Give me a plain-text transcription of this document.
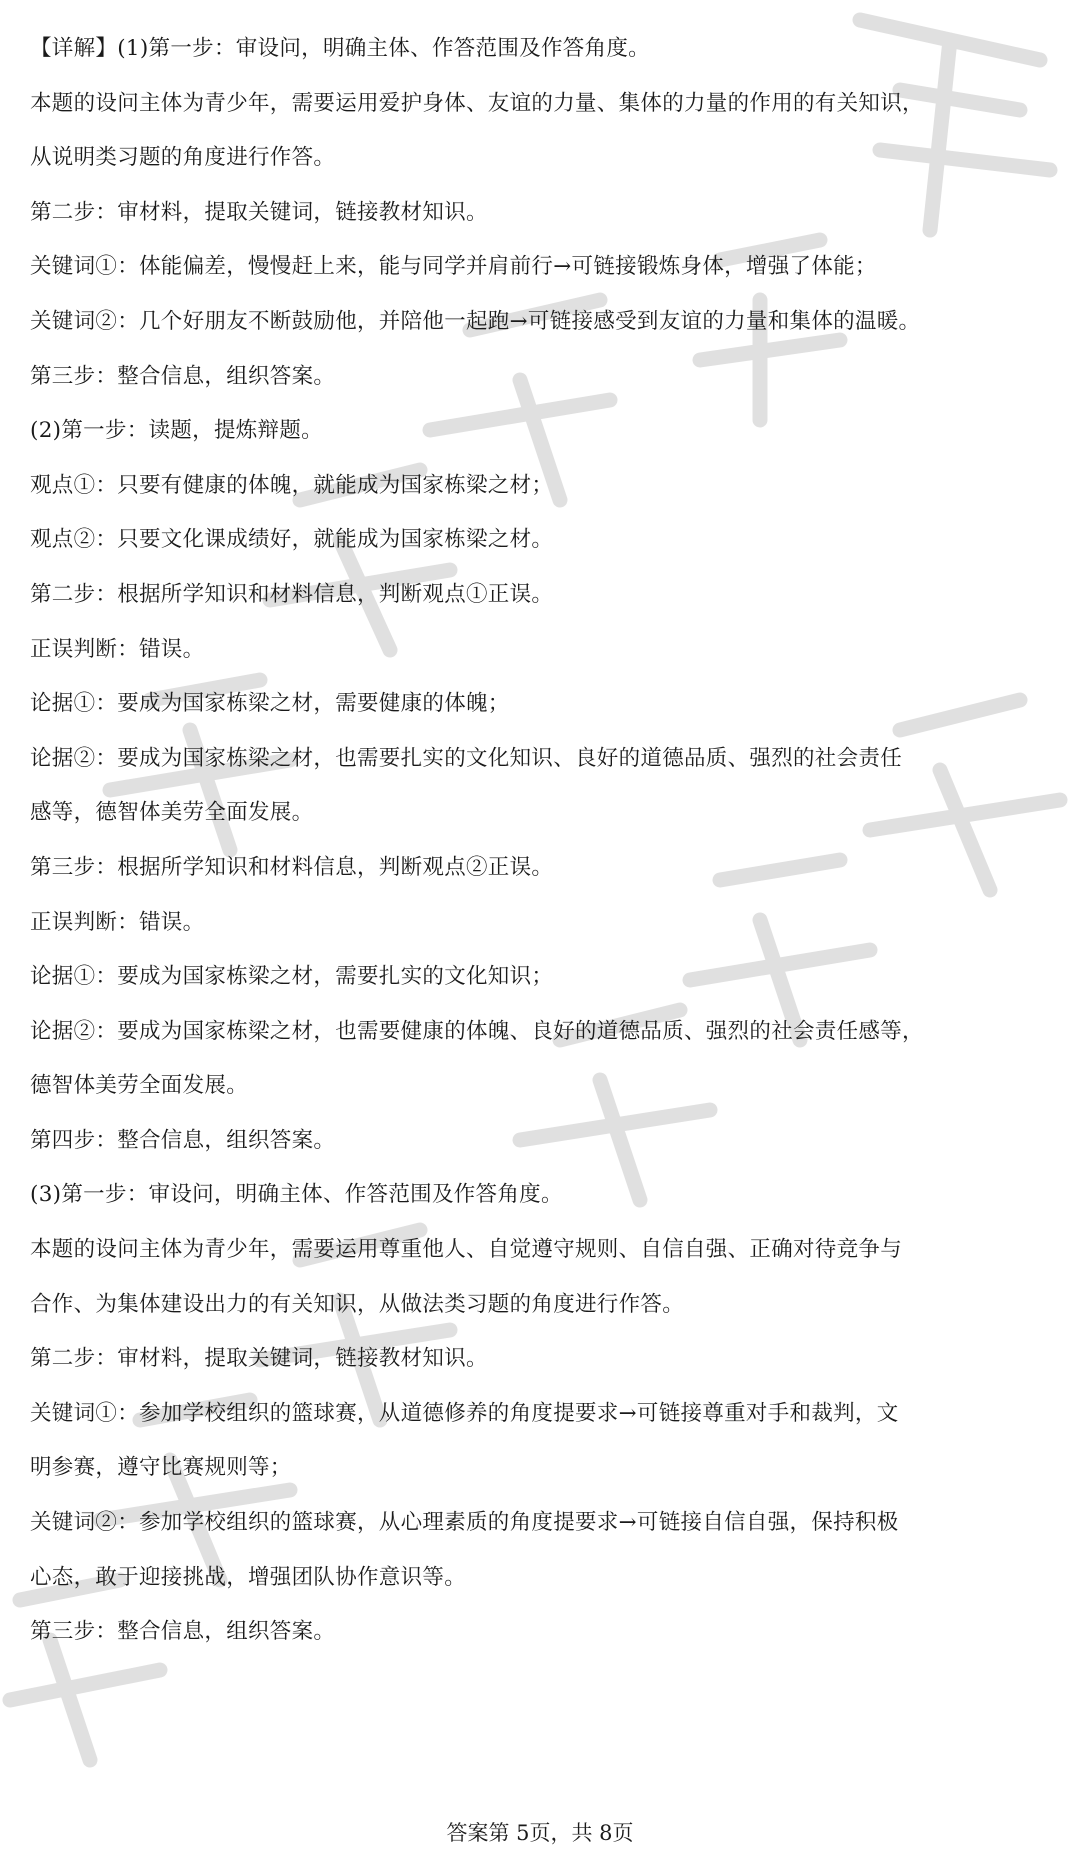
【详解】(1)第一步：审设问，明确主体、作答范围及作答角度。
本题的设问主体为青少年，需要运用爱护身体、友谊的力量、集体的力量的作用的有关知识，
从说明类习题的角度进行作答。
第二步：审材料，提取关键词，链接教材知识。
关键词①：体能偏差，慢慢赶上来，能与同学并肩前行→可链接锻炼身体，增强了体能；
关键词②：几个好朋友不断鼓励他，并陪他一起跑→可链接感受到友谊的力量和集体的温暖。
第三步：整合信息，组织答案。
(2)第一步：读题，提炼辩题。
观点①：只要有健康的体魄，就能成为国家栋梁之材；
观点②：只要文化课成绩好，就能成为国家栋梁之材。
第二步：根据所学知识和材料信息，判断观点①正误。
正误判断：错误。
论据①：要成为国家栋梁之材，需要健康的体魄；
论据②：要成为国家栋梁之材，也需要扎实的文化知识、良好的道德品质、强烈的社会责任
感等，德智体美劳全面发展。
第三步：根据所学知识和材料信息，判断观点②正误。
正误判断：错误。
论据①：要成为国家栋梁之材，需要扎实的文化知识；
论据②：要成为国家栋梁之材，也需要健康的体魄、良好的道德品质、强烈的社会责任感等，
德智体美劳全面发展。
第四步：整合信息，组织答案。
(3)第一步：审设问，明确主体、作答范围及作答角度。
本题的设问主体为青少年，需要运用尊重他人、自觉遵守规则、自信自强、正确对待竞争与
合作、为集体建设出力的有关知识，从做法类习题的角度进行作答。
第二步：审材料，提取关键词，链接教材知识。
关键词①：参加学校组织的篮球赛，从道德修养的角度提要求→可链接尊重对手和裁判，文
明参赛，遵守比赛规则等；
关键词②：参加学校组织的篮球赛，从心理素质的角度提要求→可链接自信自强，保持积极
心态，敢于迎接挑战，增强团队协作意识等。
第三步：整合信息，组织答案。
答案第 5页，共 8页
